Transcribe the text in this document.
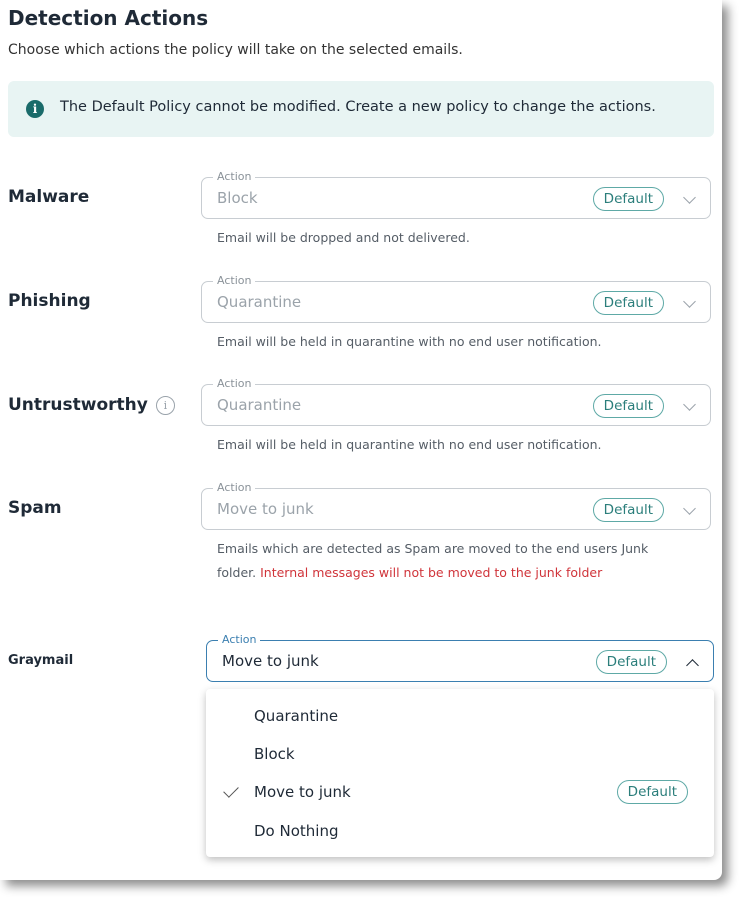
Detection Actions
Choose which actions the policy will take on the selected emails.
i	The Default Policy cannot be modified. Create a new policy to change the actions.
Malware
Action
Block	Default
Email will be dropped and not delivered.
Phishing
Action
Quarantine	Default
Email will be held in quarantine with no end user notification.
Untrustworthy i
Action
Quarantine	Default
Email will be held in quarantine with no end user notification.
Spam
Action
Move to junk	Default
Emails which are detected as Spam are moved to the end users Junk
folder. Internal messages will not be moved to the junk folder
Graymail
Action
Move to junk	Default
Quarantine
Block
Move to junk	Default
Do Nothing
